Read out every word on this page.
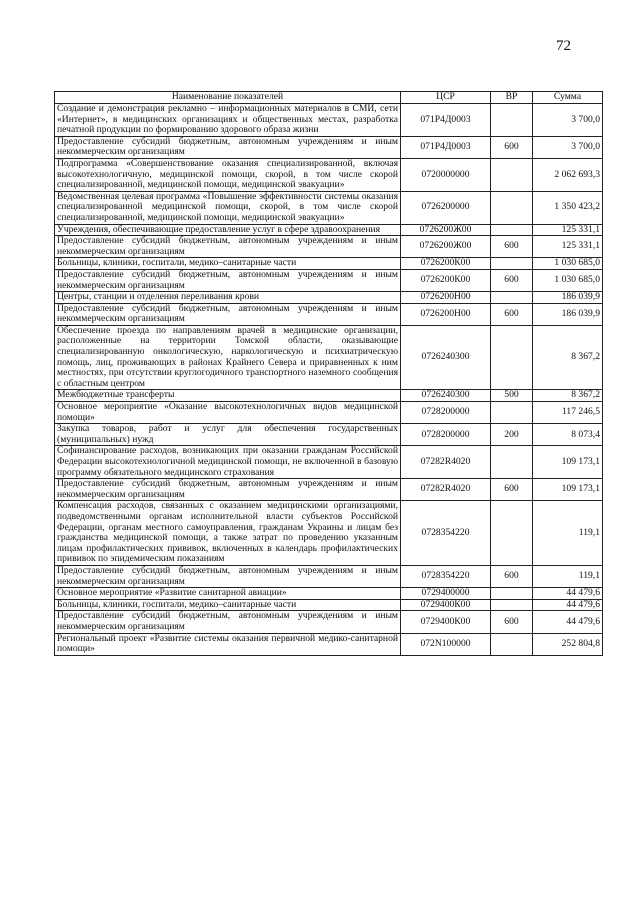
72
Наименование показателей	ЦСР	ВР	Сумма
Создание и демонстрация рекламно – информационных материалов в СМИ, сети «Интернет», в медицинских организациях и общественных местах, разработка печатной продукции по формированию здорового образа жизни	071P4Д0003		3 700,0
Предоставление субсидий бюджетным, автономным учреждениям и иным некоммерческим организациям	071P4Д0003	600	3 700,0
Подпрограмма «Совершенствование оказания специализированной, включая высокотехнологичную, медицинской помощи, скорой, в том числе скорой специализированной, медицинской помощи, медицинской эвакуации»	0720000000		2 062 693,3
Ведомственная целевая программа «Повышение эффективности системы оказания специализированной медицинской помощи, скорой, в том числе скорой специализированной, медицинской помощи, медицинской эвакуации»	0726200000		1 350 423,2
Учреждения, обеспечивающие предоставление услуг в сфере здравоохранения	0726200Ж00		125 331,1
Предоставление субсидий бюджетным, автономным учреждениям и иным некоммерческим организациям	0726200Ж00	600	125 331,1
Больницы, клиники, госпитали, медико–санитарные части	0726200К00		1 030 685,0
Предоставление субсидий бюджетным, автономным учреждениям и иным некоммерческим организациям	0726200К00	600	1 030 685,0
Центры, станции и отделения переливания крови	0726200Н00		186 039,9
Предоставление субсидий бюджетным, автономным учреждениям и иным некоммерческим организациям	0726200Н00	600	186 039,9
Обеспечение проезда по направлениям врачей в медицинские организации, расположенные на территории Томской области, оказывающие специализированную онкологическую, наркологическую и психиатрическую помощь, лиц, проживающих в районах Крайнего Севера и приравненных к ним местностях, при отсутствии круглогодичного транспортного наземного сообщения с областным центром	0726240300		8 367,2
Межбюджетные трансферты	0726240300	500	8 367,2
Основное мероприятие «Оказание высокотехнологичных видов медицинской помощи»	0728200000		117 246,5
Закупка товаров, работ и услуг для обеспечения государственных (муниципальных) нужд	0728200000	200	8 073,4
Софинансирование расходов, возникающих при оказании гражданам Российской Федерации высокотехнологичной медицинской помощи, не включенной в базовую программу обязательного медицинского страхования	07282R4020		109 173,1
Предоставление субсидий бюджетным, автономным учреждениям и иным некоммерческим организациям	07282R4020	600	109 173,1
Компенсация расходов, связанных с оказанием медицинскими организациями, подведомственными органам исполнительной власти субъектов Российской Федерации, органам местного самоуправления, гражданам Украины и лицам без гражданства медицинской помощи, а также затрат по проведению указанным лицам профилактических прививок, включенных в календарь профилактических прививок по эпидемическим показаниям	0728354220		119,1
Предоставление субсидий бюджетным, автономным учреждениям и иным некоммерческим организациям	0728354220	600	119,1
Основное мероприятие «Развитие санитарной авиации»	0729400000		44 479,6
Больницы, клиники, госпитали, медико–санитарные части	0729400К00		44 479,6
Предоставление субсидий бюджетным, автономным учреждениям и иным некоммерческим организациям	0729400К00	600	44 479,6
Региональный проект «Развитие системы оказания первичной медико-санитарной помощи»	072N100000		252 804,8
